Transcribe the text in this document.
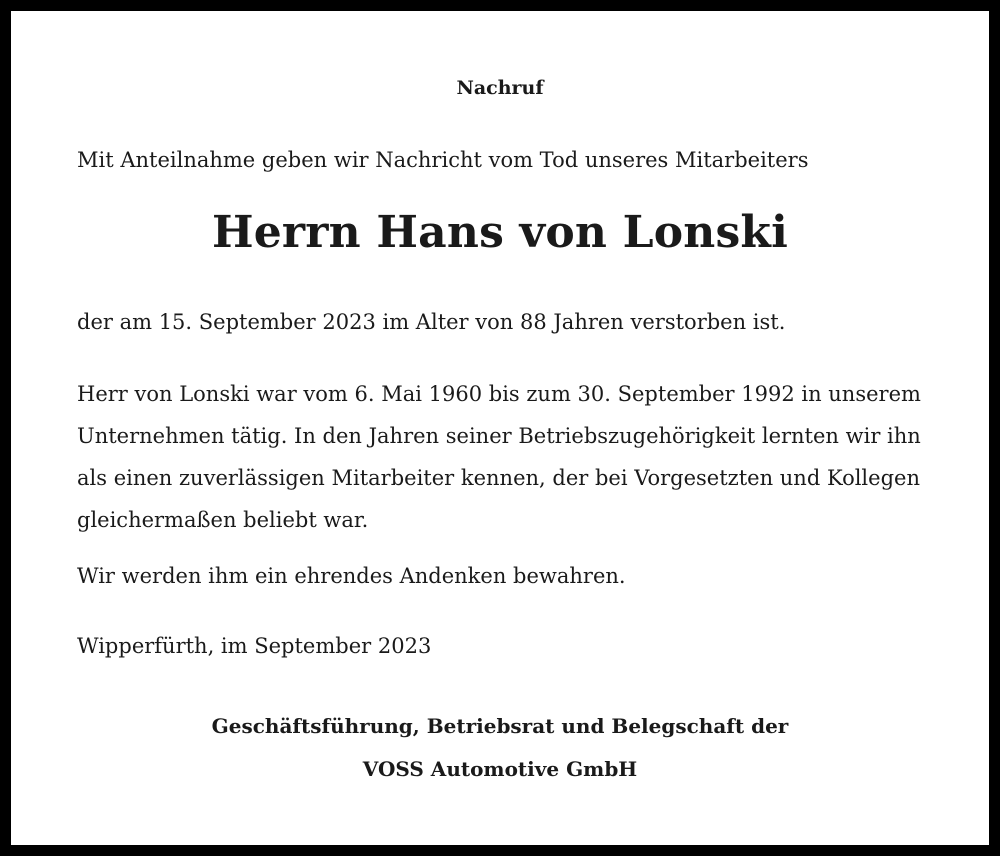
Nachruf

Mit Anteilnahme geben wir Nachricht vom Tod unseres Mitarbeiters

Herrn Hans von Lonski

der am 15. September 2023 im Alter von 88 Jahren verstorben ist.

Herr von Lonski war vom 6. Mai 1960 bis zum 30. September 1992 in unserem
Unternehmen tätig. In den Jahren seiner Betriebszugehörigkeit lernten wir ihn
als einen zuverlässigen Mitarbeiter kennen, der bei Vorgesetzten und Kollegen
gleichermaßen beliebt war.

Wir werden ihm ein ehrendes Andenken bewahren.

Wipperfürth, im September 2023

Geschäftsführung, Betriebsrat und Belegschaft der

VOSS Automotive GmbH
